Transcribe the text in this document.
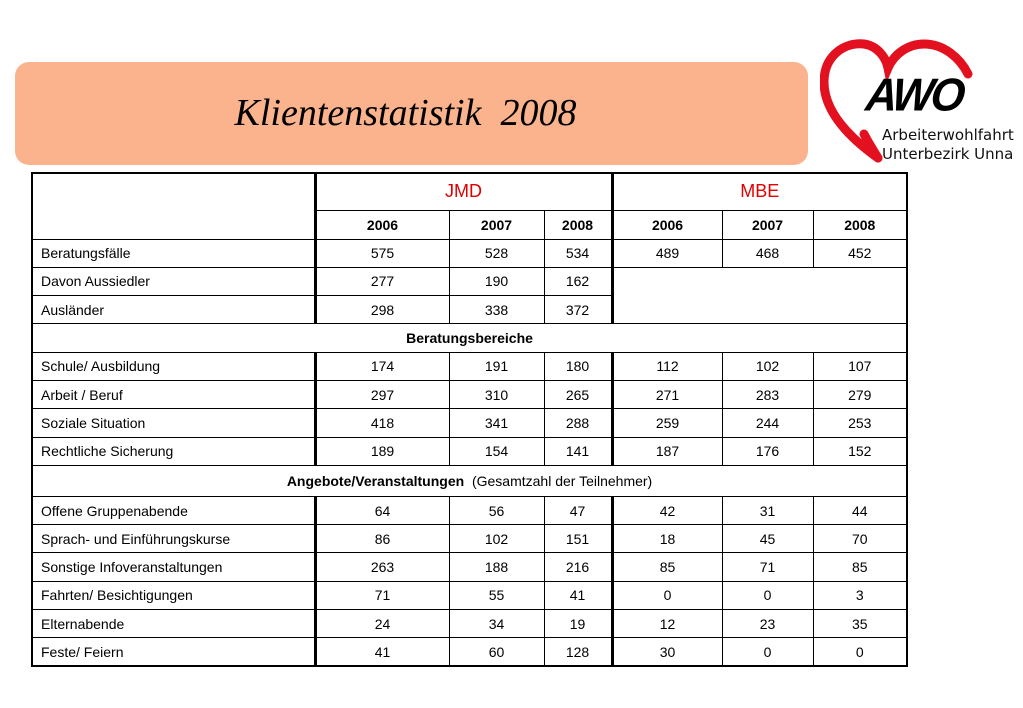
Klientenstatistik  2008	AWO
Arbeiterwohlfahrt
Unterbezirk Unna
	JMD			MBE		
	2006	2007	2008	2006	2007	2008
Beratungsfälle	575	528	534	489	468	452
Davon Aussiedler	277	190	162			
Ausländer	298	338	372			
Beratungsbereiche						
Schule/ Ausbildung	174	191	180	112	102	107
Arbeit / Beruf	297	310	265	271	283	279
Soziale Situation	418	341	288	259	244	253
Rechtliche Sicherung	189	154	141	187	176	152
Angebote/Veranstaltungen (Gesamtzahl der Teilnehmer)						
Offene Gruppenabende	64	56	47	42	31	44
Sprach- und Einführungskurse	86	102	151	18	45	70
Sonstige Infoveranstaltungen	263	188	216	85	71	85
Fahrten/ Besichtigungen	71	55	41	0	0	3
Elternabende	24	34	19	12	23	35
Feste/ Feiern	41	60	128	30	0	0
